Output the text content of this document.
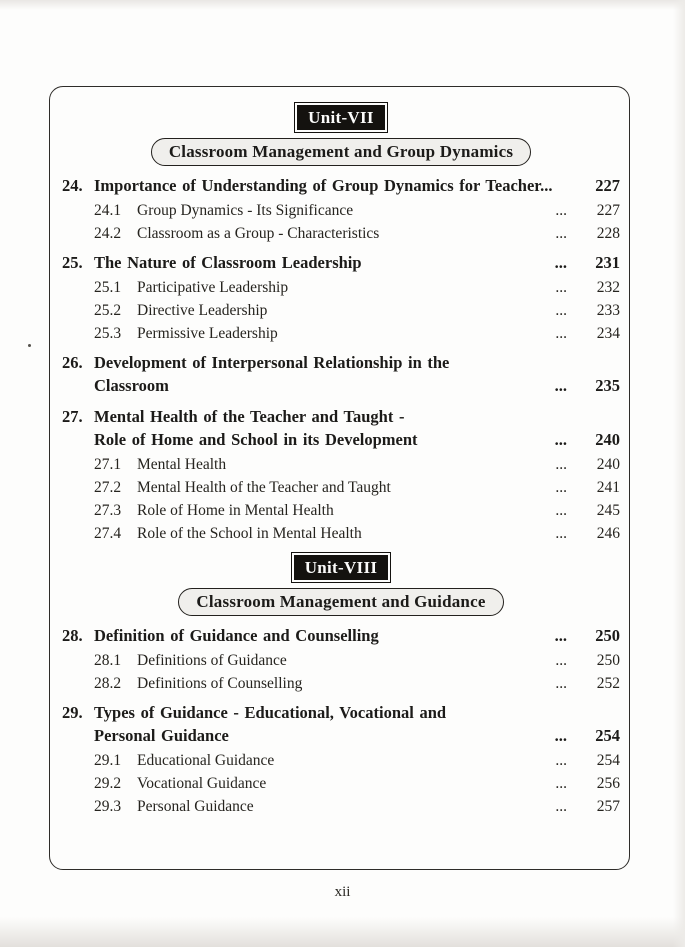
Unit-VII
Classroom Management and Group Dynamics
24. Importance of Understanding of Group Dynamics for Teacher...	227
24.1	Group Dynamics - Its Significance	...	227
24.2	Classroom as a Group - Characteristics	...	228
25. The Nature of Classroom Leadership	...	231
25.1	Participative Leadership	...	232
25.2	Directive Leadership	...	233
25.3	Permissive Leadership	...	234
26. Development of Interpersonal Relationship in the
Classroom	...	235
27. Mental Health of the Teacher and Taught -
Role of Home and School in its Development	...	240
27.1	Mental Health	...	240
27.2	Mental Health of the Teacher and Taught	...	241
27.3	Role of Home in Mental Health	...	245
27.4	Role of the School in Mental Health	...	246
Unit-VIII
Classroom Management and Guidance
28. Definition of Guidance and Counselling	...	250
28.1	Definitions of Guidance	...	250
28.2	Definitions of Counselling	...	252
29. Types of Guidance - Educational, Vocational and
Personal Guidance	...	254
29.1	Educational Guidance	...	254
29.2	Vocational Guidance	...	256
29.3	Personal Guidance	...	257
xii
